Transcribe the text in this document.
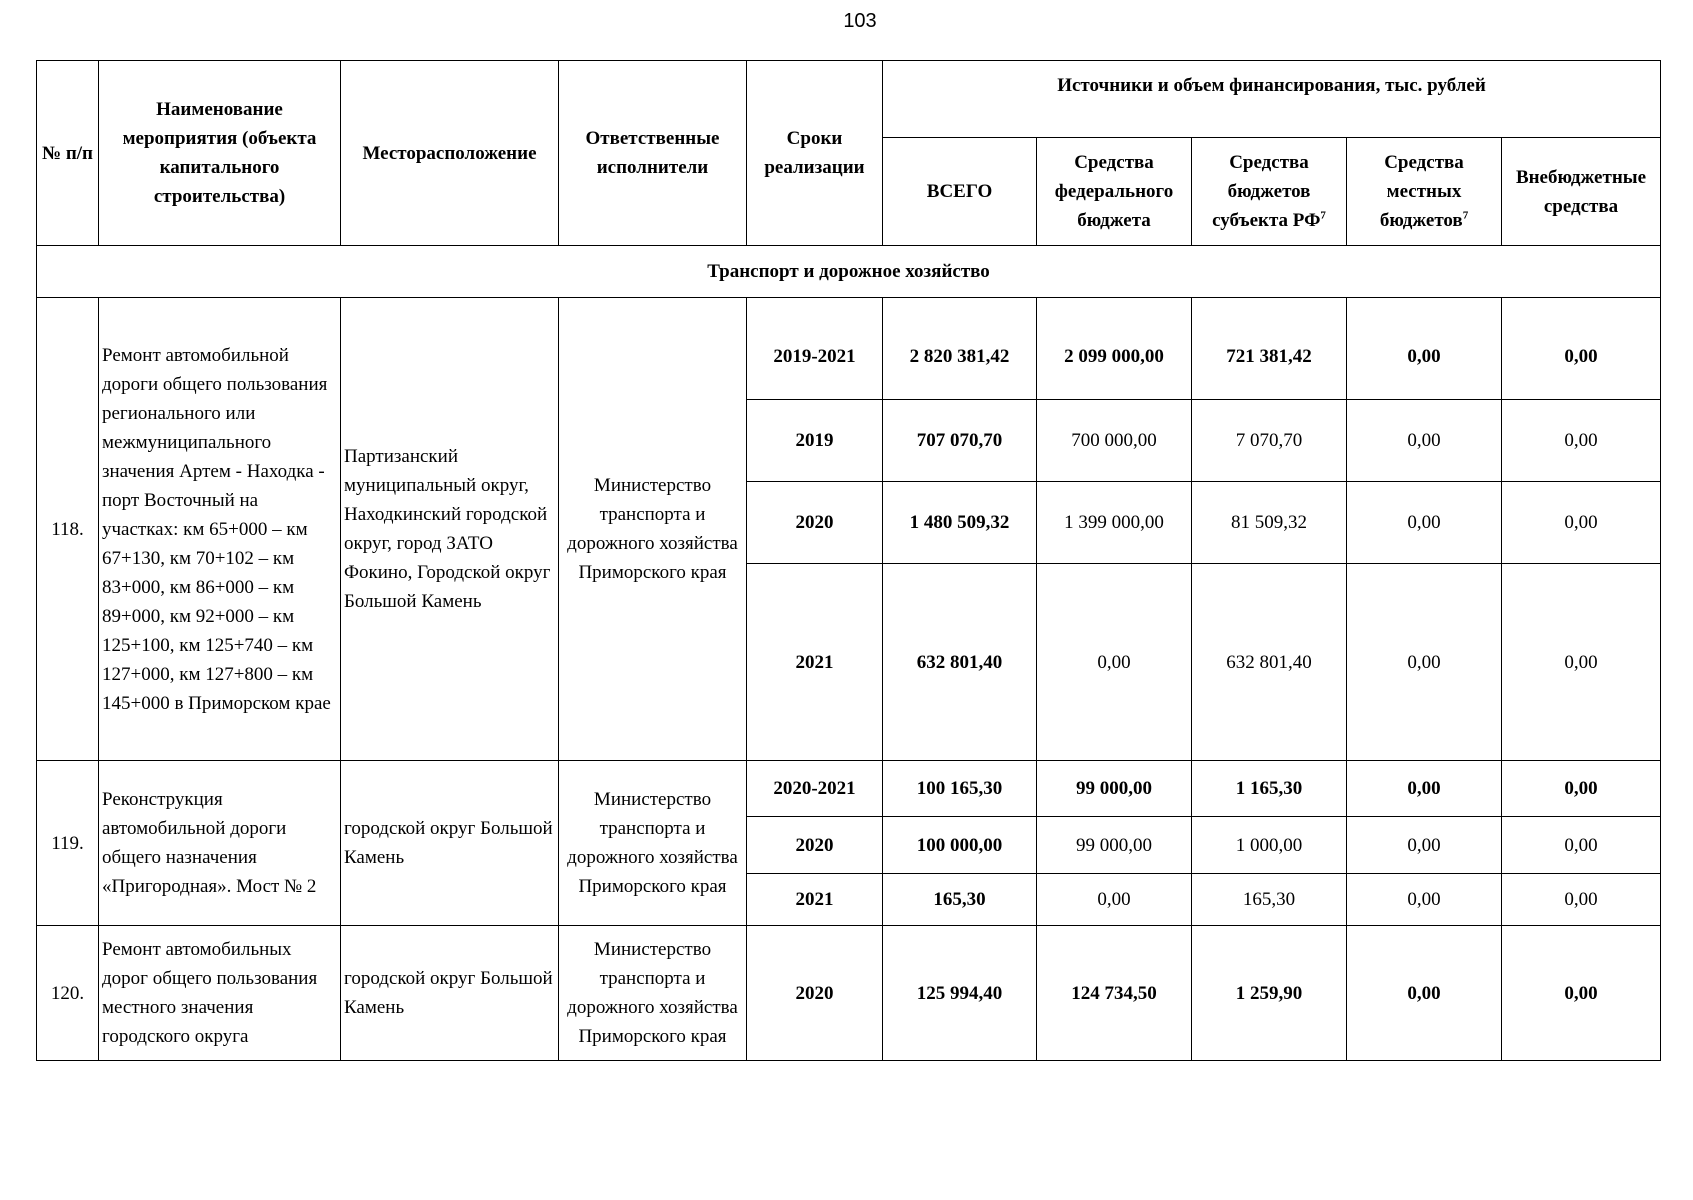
103
№ п/п	Наименование мероприятия (объекта капитального строительства)	Месторасположение	Ответственные исполнители	Сроки реализации	Источники и объем финансирования, тыс. рублей				
					ВСЕГО	Средства федерального бюджета	Средства бюджетов субъекта $РФ^7$	Средства местных бюджетов$^7$	Внебюджетные средства
Транспорт и дорожное хозяйство									
118.	Ремонт автомобильной дороги общего пользования регионального или межмуниципального значения Артем - Находка - порт Восточный на участках: км 65+000 – км 67+130, км 70+102 – км 83+000, км 86+000 – км 89+000, км 92+000 – км 125+100, км 125+740 – км 127+000, км 127+800 – км 145+000 в Приморском крае	Партизанский муниципальный округ, Находкинский городской округ, город ЗАТО Фокино, Городской округ Большой Камень	Министерство транспорта и дорожного хозяйства Приморского края	2019-2021	2 820 381,42	2 099 000,00	721 381,42	0,00	0,00
				2019	707 070,70	700 000,00	7 070,70	0,00	0,00
				2020	1 480 509,32	1 399 000,00	81 509,32	0,00	0,00
				2021	632 801,40	0,00	632 801,40	0,00	0,00
119.	Реконструкция автомобильной дороги общего назначения «Пригородная». Мост № 2	городской округ Большой Камень	Министерство транспорта и дорожного хозяйства Приморского края	2020-2021	100 165,30	99 000,00	1 165,30	0,00	0,00
				2020	100 000,00	99 000,00	1 000,00	0,00	0,00
				2021	165,30	0,00	165,30	0,00	0,00
120.	Ремонт автомобильных дорог общего пользования местного значения городского округа	городской округ Большой Камень	Министерство транспорта и дорожного хозяйства Приморского края	2020	125 994,40	124 734,50	1 259,90	0,00	0,00
